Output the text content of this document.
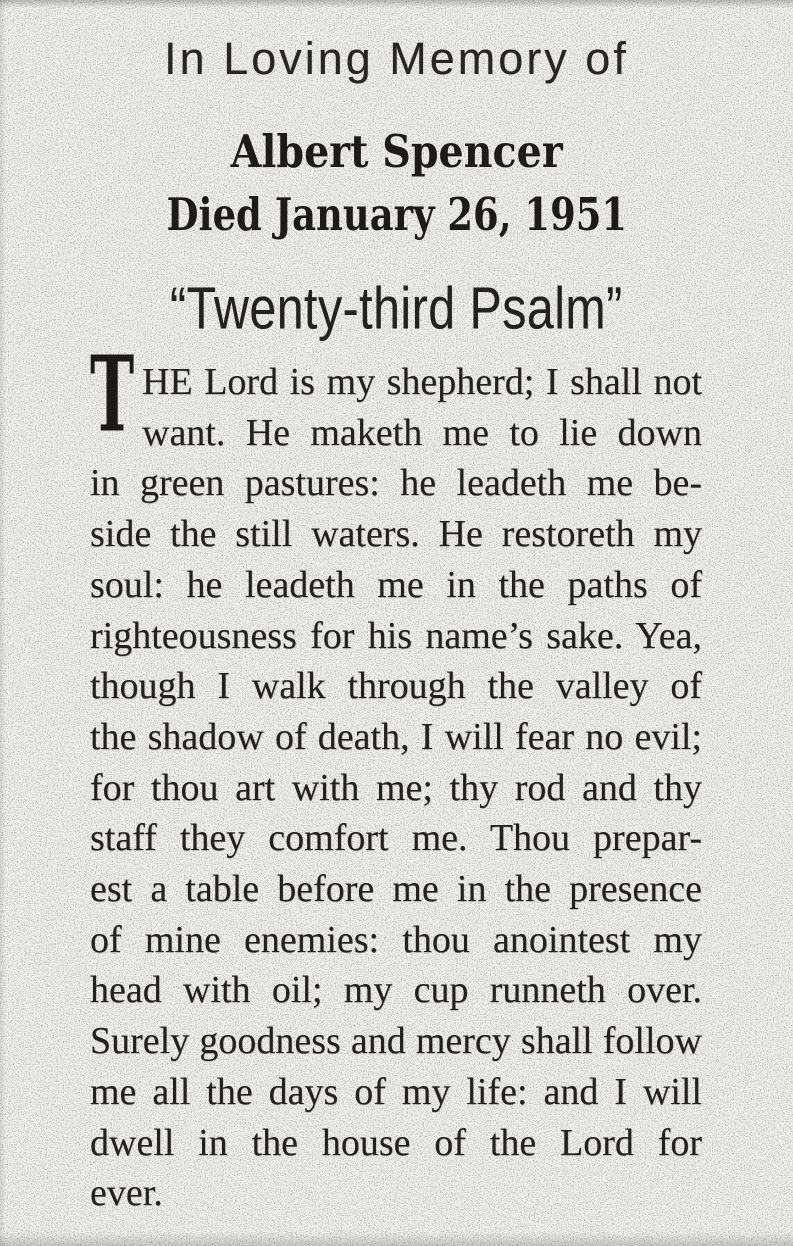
In Loving Memory of
Albert Spencer
Died January 26, 1951
“Twenty-third Psalm”
T HE Lord is my shepherd; I shall not
want. He maketh me to lie down
in green pastures: he leadeth me be-
side the still waters. He restoreth my
soul: he leadeth me in the paths of
righteousness for his name’s sake. Yea,
though I walk through the valley of
the shadow of death, I will fear no evil;
for thou art with me; thy rod and thy
staff they comfort me. Thou prepar-
est a table before me in the presence
of mine enemies: thou anointest my
head with oil; my cup runneth over.
Surely goodness and mercy shall follow
me all the days of my life: and I will
dwell in the house of the Lord for
ever.
